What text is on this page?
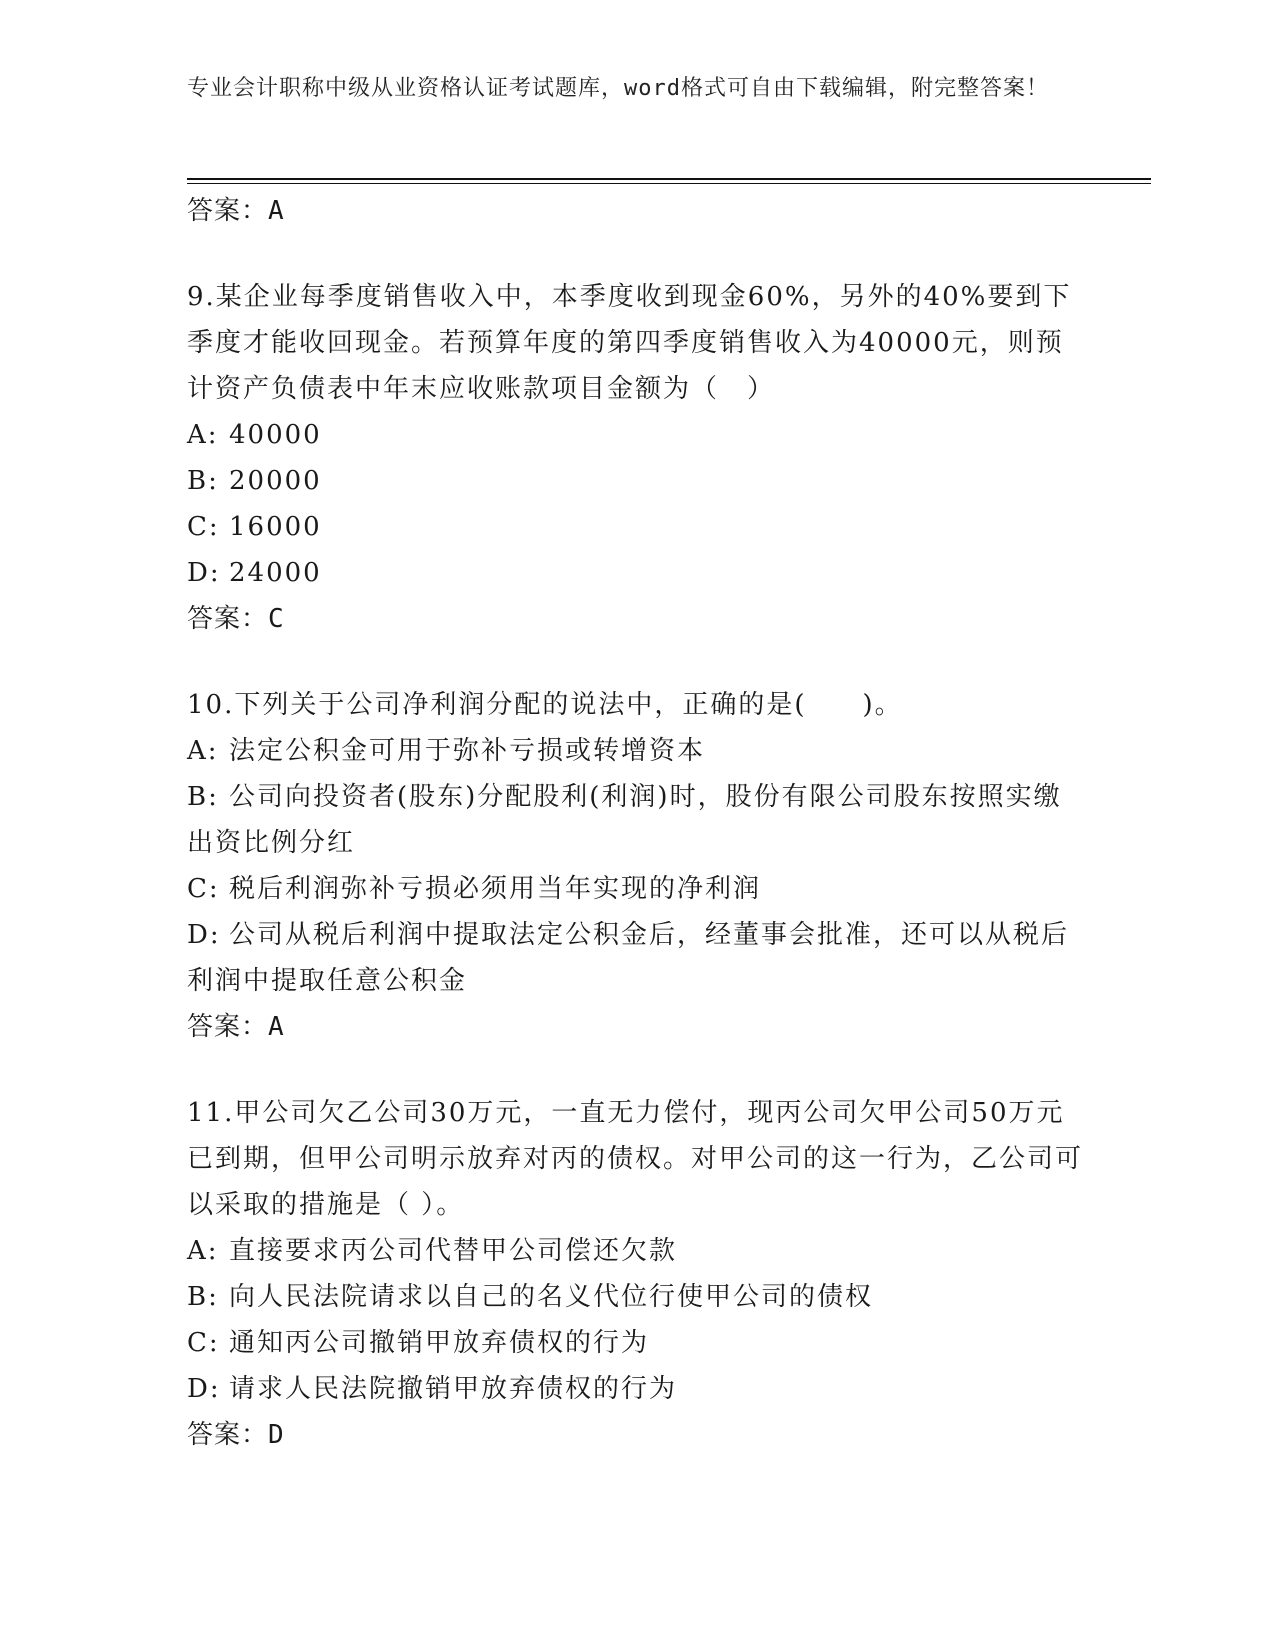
专业会计职称中级从业资格认证考试题库，word格式可自由下载编辑，附完整答案！

答案：A

9.某企业每季度销售收入中，本季度收到现金60%，另外的40%要到下季度才能收回现金。若预算年度的第四季度销售收入为40000元，则预计资产负债表中年末应收账款项目金额为（　）

A: 40000

B: 20000

C: 16000

D: 24000

答案：C

10.下列关于公司净利润分配的说法中，正确的是(　　)。

A: 法定公积金可用于弥补亏损或转增资本

B: 公司向投资者(股东)分配股利(利润)时，股份有限公司股东按照实缴出资比例分红

C: 税后利润弥补亏损必须用当年实现的净利润

D: 公司从税后利润中提取法定公积金后，经董事会批准，还可以从税后利润中提取任意公积金

答案：A

11.甲公司欠乙公司30万元，一直无力偿付，现丙公司欠甲公司50万元已到期，但甲公司明示放弃对丙的债权。对甲公司的这一行为，乙公司可以采取的措施是（ ）。

A: 直接要求丙公司代替甲公司偿还欠款

B: 向人民法院请求以自己的名义代位行使甲公司的债权

C: 通知丙公司撤销甲放弃债权的行为

D: 请求人民法院撤销甲放弃债权的行为

答案：D
